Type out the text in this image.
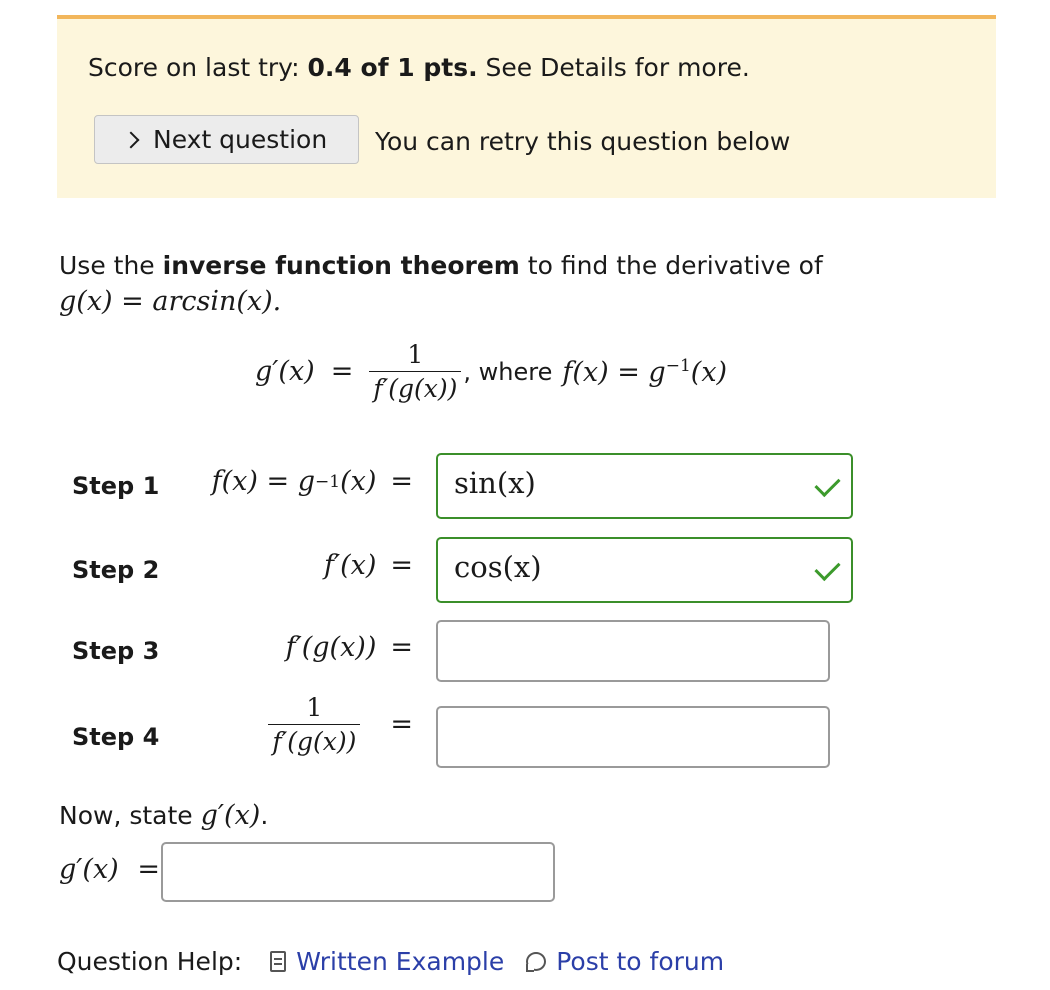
Score on last try: 0.4 of 1 pts. See Details for more.
Next question You can retry this question below
Use the inverse function theorem to find the derivative of
g(x) = arcsin(x).
$g'(x) = \frac{1}{f'(g(x))}$ , where $f(x) = g^{-1}(x)$
Step 1 f(x) = g −1 (x) = sin(x)
Step 2	f′(x) = cos(x)
Step 3	f′(g(x)) =
Step 4	$\frac{1}{f'(g(x))}$ =
Now, state g′(x).
g′(x) =
Question Help: Written Example Post to forum
